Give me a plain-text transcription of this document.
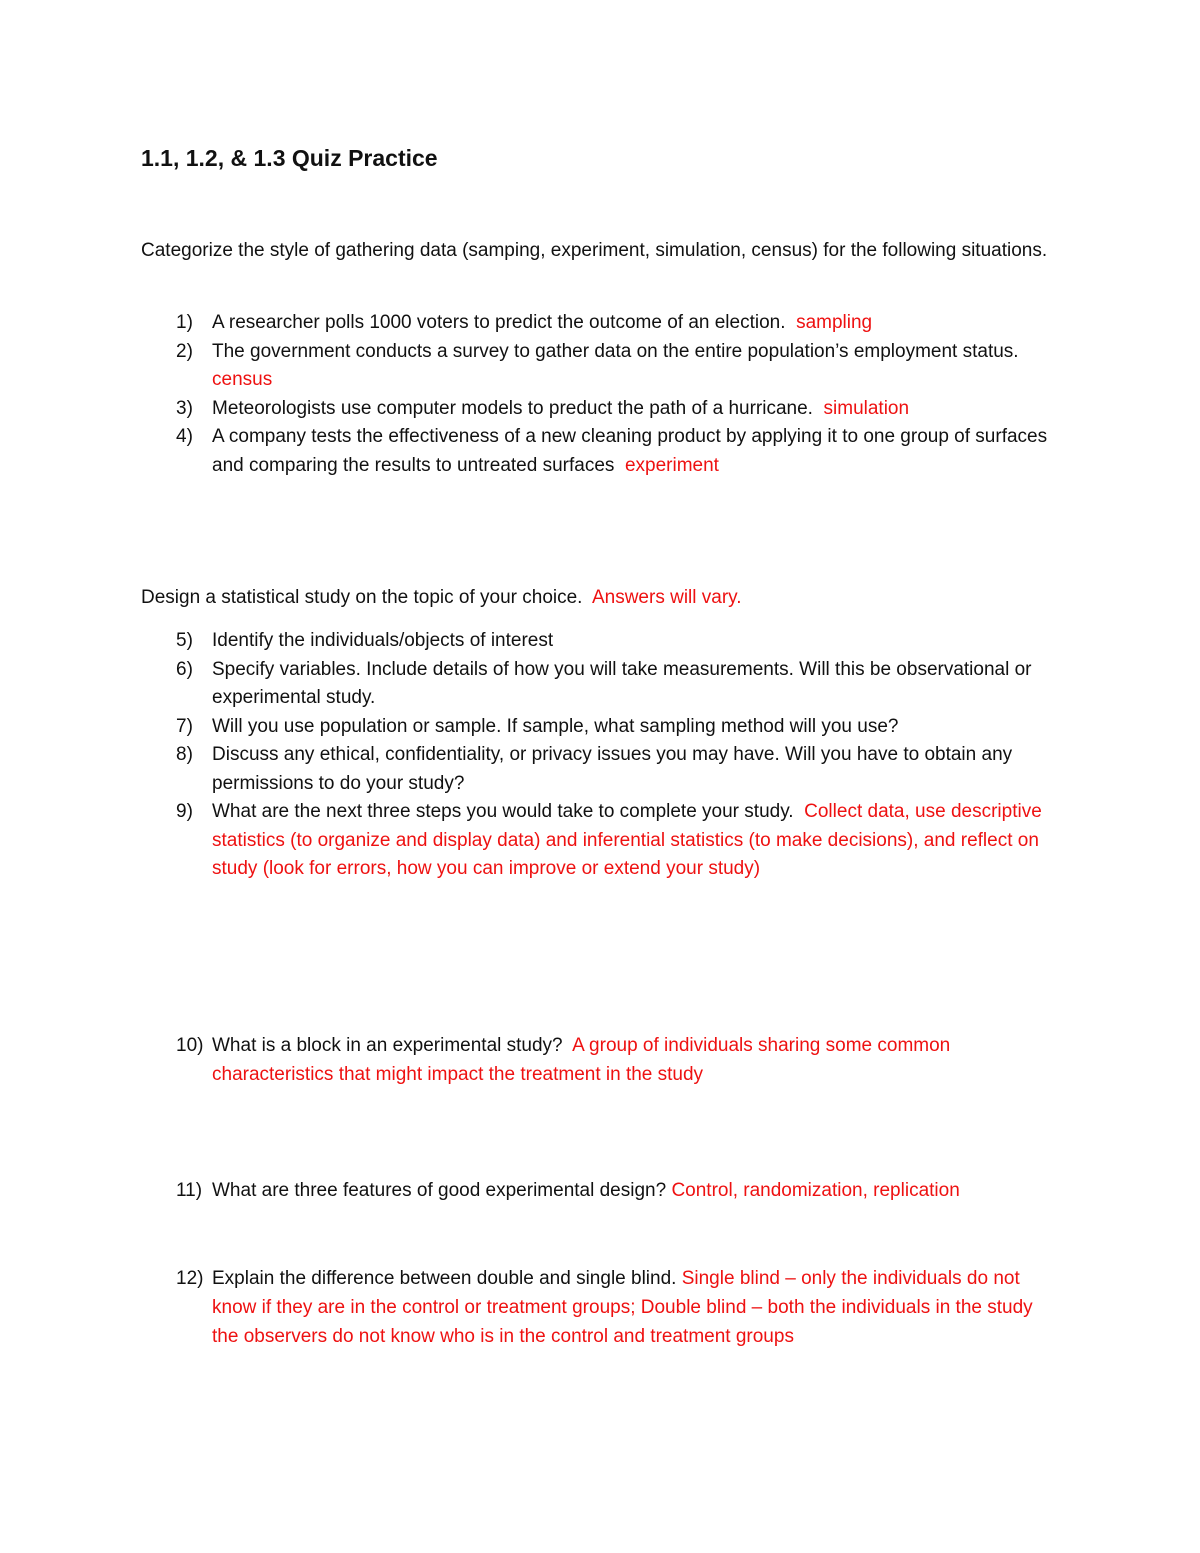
1.1, 1.2, & 1.3 Quiz Practice

Categorize the style of gathering data (samping, experiment, simulation, census) for the following situations.

1) A researcher polls 1000 voters to predict the outcome of an election. sampling
2) The government conducts a survey to gather data on the entire population’s employment status.  census
3) Meteorologists use computer models to preduct the path of a hurricane. simulation
4) A company tests the effectiveness of a new cleaning product by applying it to one group of surfaces and comparing the results to untreated surfaces experiment

Design a statistical study on the topic of your choice. Answers will vary.

5) Identify the individuals/objects of interest
6) Specify variables. Include details of how you will take measurements. Will this be observational or experimental study.
7) Will you use population or sample. If sample, what sampling method will you use?
8) Discuss any ethical, confidentiality, or privacy issues you may have. Will you have to obtain any permissions to do your study?
9) What are the next three steps you would take to complete your study. Collect data, use descriptive statistics (to organize and display data) and inferential statistics (to make decisions), and reflect on study (look for errors, how you can improve or extend your study)
10) What is a block in an experimental study? A group of individuals sharing some common characteristics that might impact the treatment in the study
11) What are three features of good experimental design? Control, randomization, replication
12) Explain the difference between double and single blind. Single blind – only the individuals do not know if they are in the control or treatment groups; Double blind – both the individuals in the study the observers do not know who is in the control and treatment groups
